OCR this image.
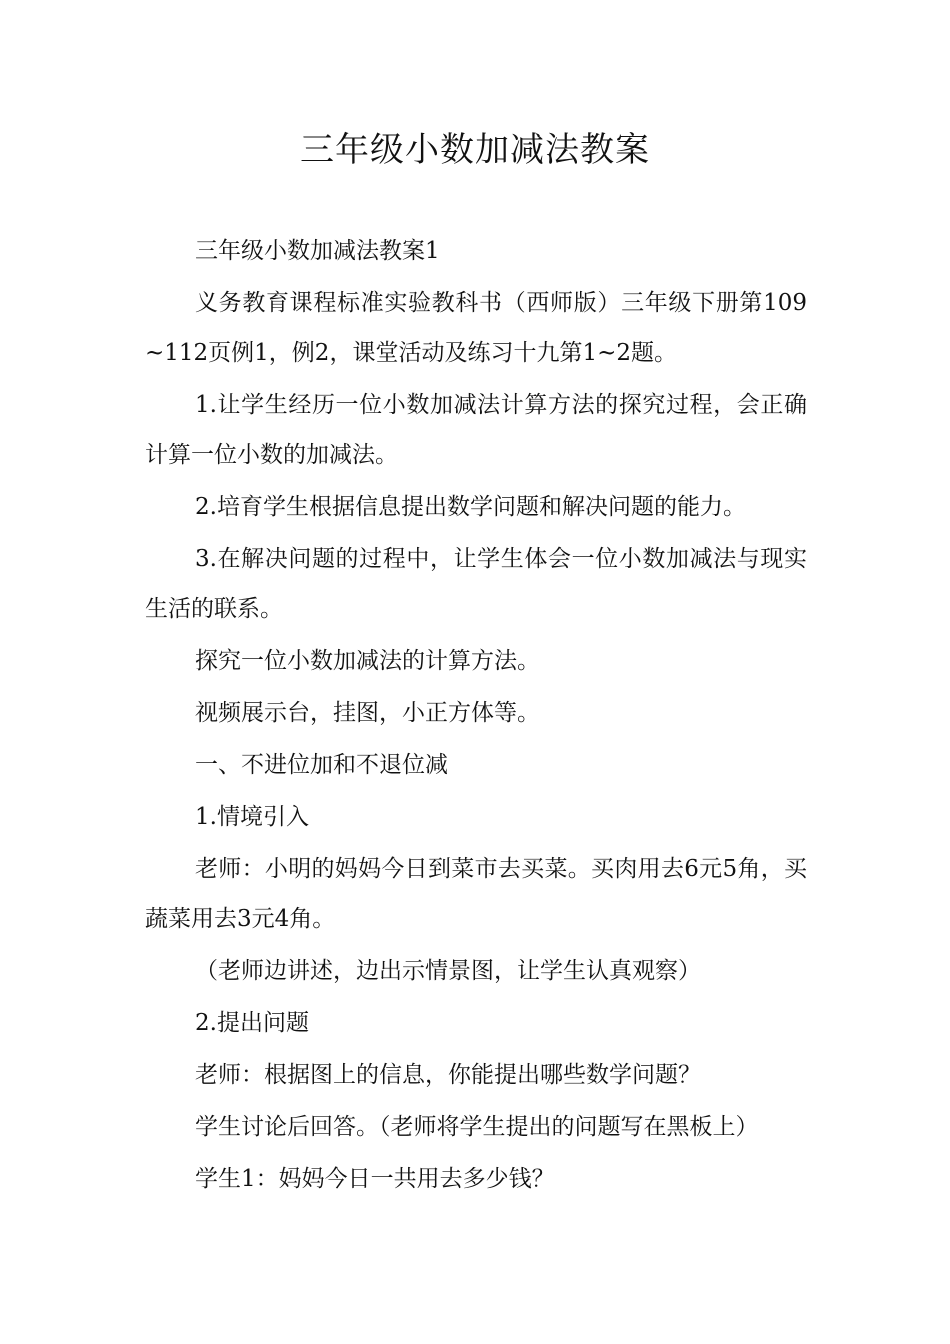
三年级小数加减法教案

三年级小数加减法教案1

义务教育课程标准实验教科书（西师版）三年级下册第109~112页例1，例2，课堂活动及练习十九第1~2题。

1.让学生经历一位小数加减法计算方法的探究过程，会正确计算一位小数的加减法。

2.培育学生根据信息提出数学问题和解决问题的能力。

3.在解决问题的过程中，让学生体会一位小数加减法与现实生活的联系。

探究一位小数加减法的计算方法。

视频展示台，挂图，小正方体等。

一、不进位加和不退位减

1.情境引入

老师：小明的妈妈今日到菜市去买菜。买肉用去6元5角，买蔬菜用去3元4角。

（老师边讲述，边出示情景图，让学生认真观察）

2.提出问题

老师：根据图上的信息，你能提出哪些数学问题？

学生讨论后回答。（老师将学生提出的问题写在黑板上）

学生1：妈妈今日一共用去多少钱？
